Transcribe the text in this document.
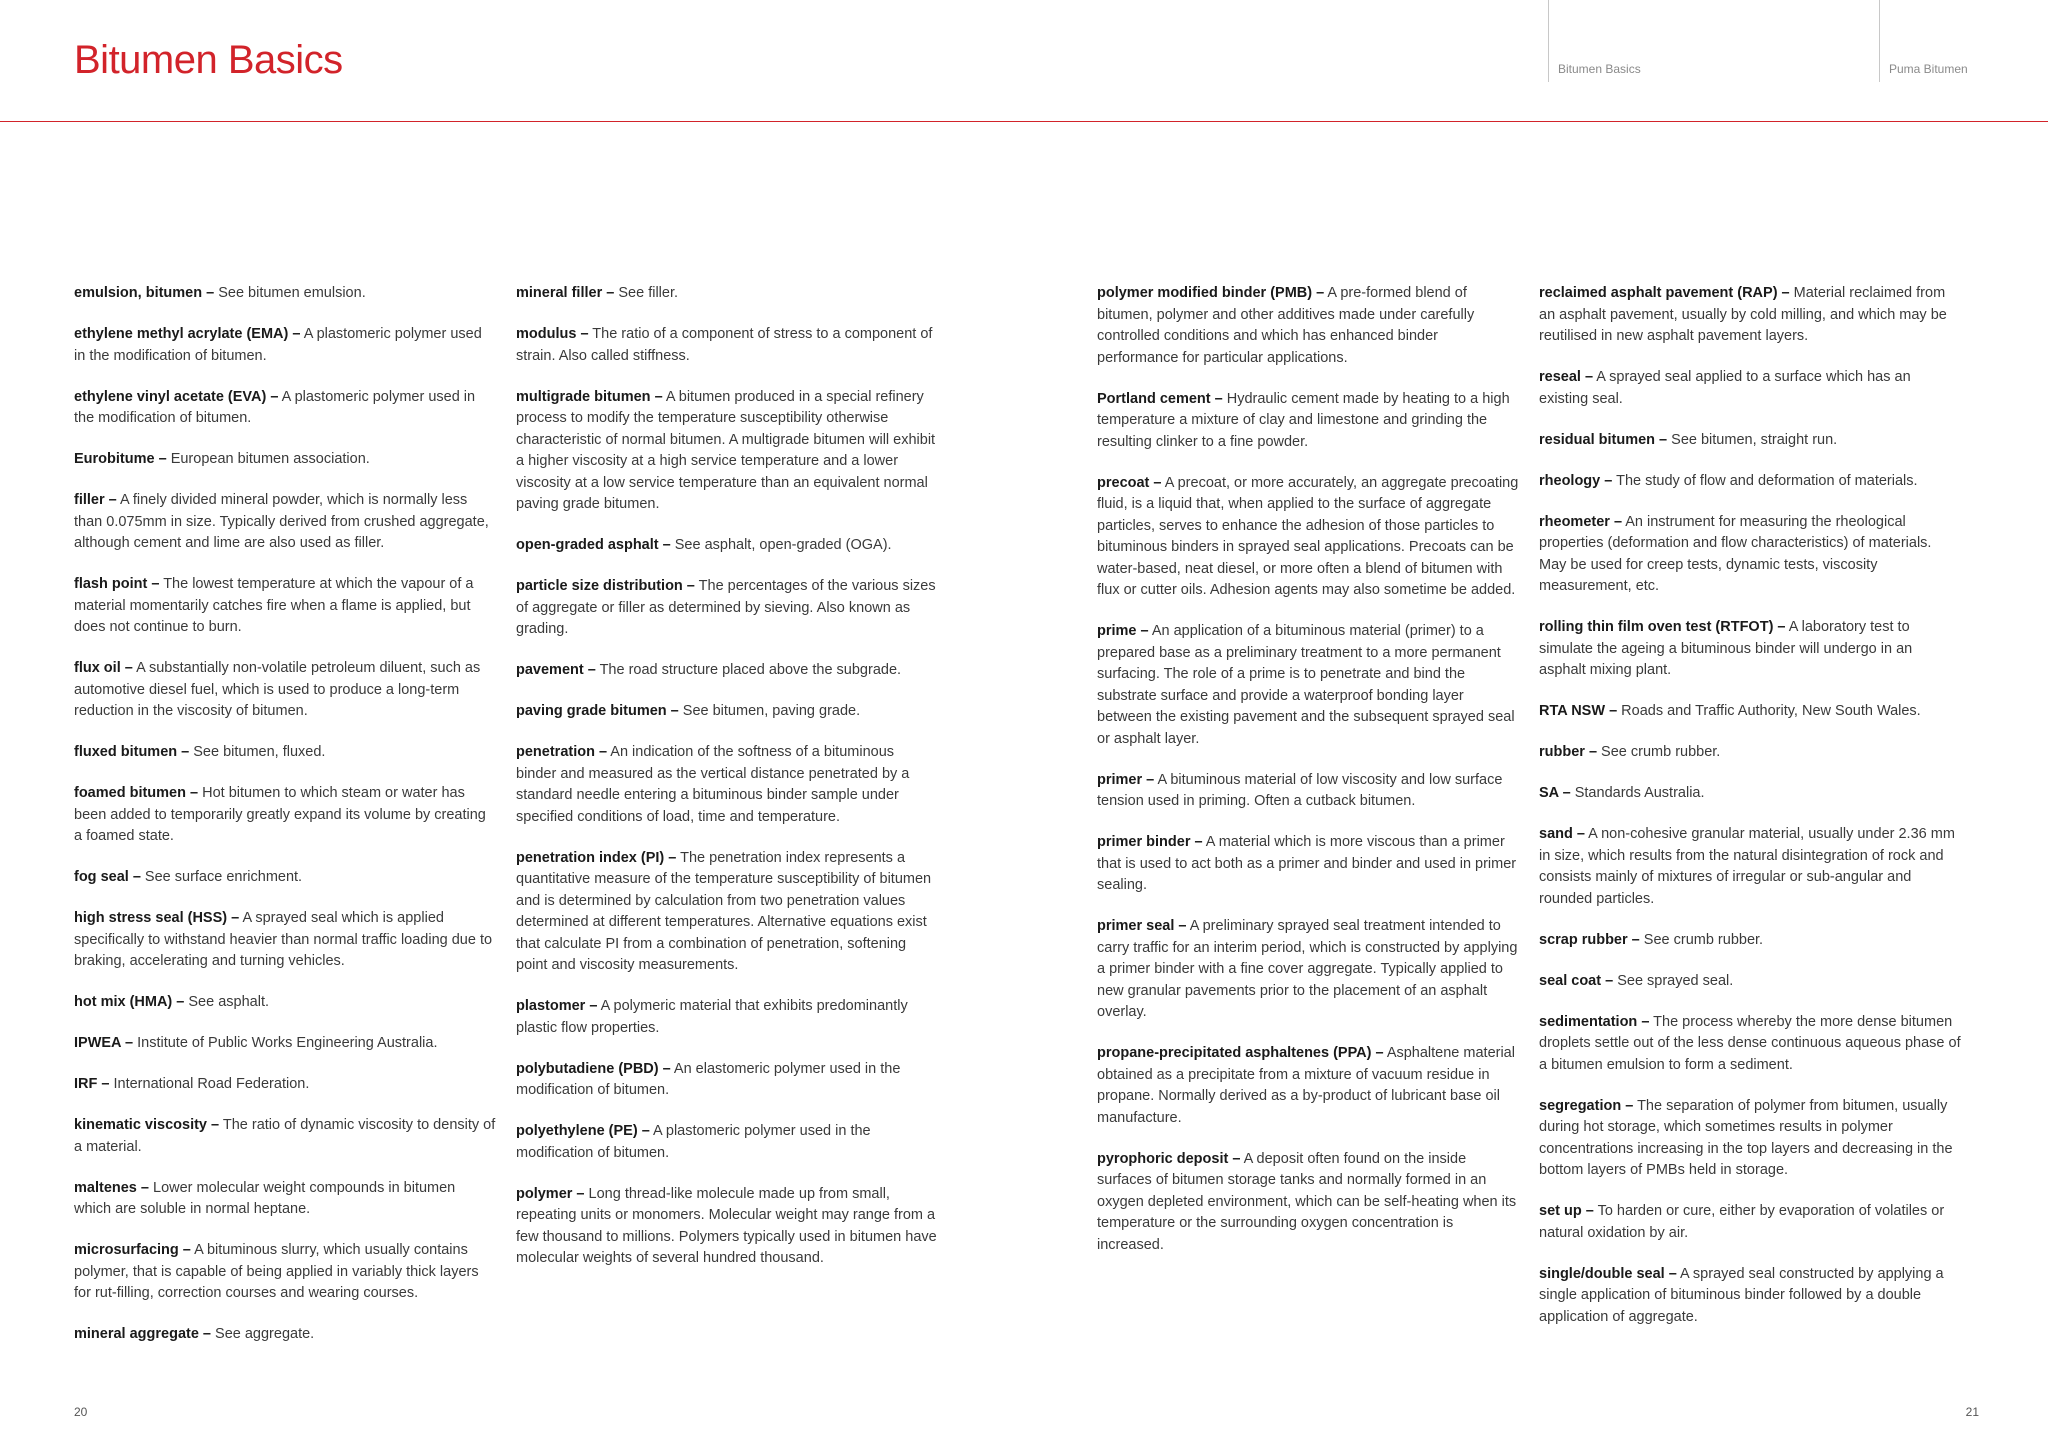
Bitumen Basics	Bitumen Basics	Puma Bitumen
emulsion, bitumen – See bitumen emulsion.
ethylene methyl acrylate (EMA) – A plastomeric polymer used in the modification of bitumen.
ethylene vinyl acetate (EVA) – A plastomeric polymer used in the modification of bitumen.
Eurobitume – European bitumen association.
filler – A finely divided mineral powder, which is normally less than 0.075mm in size. Typically derived from crushed aggregate, although cement and lime are also used as filler.
flash point – The lowest temperature at which the vapour of a material momentarily catches fire when a flame is applied, but does not continue to burn.
flux oil – A substantially non-volatile petroleum diluent, such as automotive diesel fuel, which is used to produce a long-term reduction in the viscosity of bitumen.
fluxed bitumen – See bitumen, fluxed.
foamed bitumen – Hot bitumen to which steam or water has been added to temporarily greatly expand its volume by creating a foamed state.
fog seal – See surface enrichment.
high stress seal (HSS) – A sprayed seal which is applied specifically to withstand heavier than normal traffic loading due to braking, accelerating and turning vehicles.
hot mix (HMA) – See asphalt.
IPWEA – Institute of Public Works Engineering Australia.
IRF – International Road Federation.
kinematic viscosity – The ratio of dynamic viscosity to density of a material.
maltenes – Lower molecular weight compounds in bitumen which are soluble in normal heptane.
microsurfacing – A bituminous slurry, which usually contains polymer, that is capable of being applied in variably thick layers for rut-filling, correction courses and wearing courses.
mineral aggregate – See aggregate.
mineral filler – See filler.
modulus – The ratio of a component of stress to a component of strain. Also called stiffness.
multigrade bitumen – A bitumen produced in a special refinery process to modify the temperature susceptibility otherwise characteristic of normal bitumen. A multigrade bitumen will exhibit a higher viscosity at a high service temperature and a lower viscosity at a low service temperature than an equivalent normal paving grade bitumen.
open-graded asphalt – See asphalt, open-graded (OGA).
particle size distribution – The percentages of the various sizes of aggregate or filler as determined by sieving. Also known as grading.
pavement – The road structure placed above the subgrade.
paving grade bitumen – See bitumen, paving grade.
penetration – An indication of the softness of a bituminous binder and measured as the vertical distance penetrated by a standard needle entering a bituminous binder sample under specified conditions of load, time and temperature.
penetration index (PI) – The penetration index represents a quantitative measure of the temperature susceptibility of bitumen and is determined by calculation from two penetration values determined at different temperatures. Alternative equations exist that calculate PI from a combination of penetration, softening point and viscosity measurements.
plastomer – A polymeric material that exhibits predominantly plastic flow properties.
polybutadiene (PBD) – An elastomeric polymer used in the modification of bitumen.
polyethylene (PE) – A plastomeric polymer used in the modification of bitumen.
polymer – Long thread-like molecule made up from small, repeating units or monomers. Molecular weight may range from a few thousand to millions. Polymers typically used in bitumen have molecular weights of several hundred thousand.
polymer modified binder (PMB) – A pre-formed blend of bitumen, polymer and other additives made under carefully controlled conditions and which has enhanced binder performance for particular applications.
Portland cement – Hydraulic cement made by heating to a high temperature a mixture of clay and limestone and grinding the resulting clinker to a fine powder.
precoat – A precoat, or more accurately, an aggregate precoating fluid, is a liquid that, when applied to the surface of aggregate particles, serves to enhance the adhesion of those particles to bituminous binders in sprayed seal applications. Precoats can be water-based, neat diesel, or more often a blend of bitumen with flux or cutter oils. Adhesion agents may also sometime be added.
prime – An application of a bituminous material (primer) to a prepared base as a preliminary treatment to a more permanent surfacing. The role of a prime is to penetrate and bind the substrate surface and provide a waterproof bonding layer between the existing pavement and the subsequent sprayed seal or asphalt layer.
primer – A bituminous material of low viscosity and low surface tension used in priming. Often a cutback bitumen.
primer binder – A material which is more viscous than a primer that is used to act both as a primer and binder and used in primer sealing.
primer seal – A preliminary sprayed seal treatment intended to carry traffic for an interim period, which is constructed by applying a primer binder with a fine cover aggregate. Typically applied to new granular pavements prior to the placement of an asphalt overlay.
propane-precipitated asphaltenes (PPA) – Asphaltene material obtained as a precipitate from a mixture of vacuum residue in propane. Normally derived as a by-product of lubricant base oil manufacture.
pyrophoric deposit – A deposit often found on the inside surfaces of bitumen storage tanks and normally formed in an oxygen depleted environment, which can be self-heating when its temperature or the surrounding oxygen concentration is increased.
reclaimed asphalt pavement (RAP) – Material reclaimed from an asphalt pavement, usually by cold milling, and which may be reutilised in new asphalt pavement layers.
reseal – A sprayed seal applied to a surface which has an existing seal.
residual bitumen – See bitumen, straight run.
rheology – The study of flow and deformation of materials.
rheometer – An instrument for measuring the rheological properties (deformation and flow characteristics) of materials. May be used for creep tests, dynamic tests, viscosity measurement, etc.
rolling thin film oven test (RTFOT) – A laboratory test to simulate the ageing a bituminous binder will undergo in an asphalt mixing plant.
RTA NSW – Roads and Traffic Authority, New South Wales.
rubber – See crumb rubber.
SA – Standards Australia.
sand – A non-cohesive granular material, usually under 2.36 mm in size, which results from the natural disintegration of rock and consists mainly of mixtures of irregular or sub-angular and rounded particles.
scrap rubber – See crumb rubber.
seal coat – See sprayed seal.
sedimentation – The process whereby the more dense bitumen droplets settle out of the less dense continuous aqueous phase of a bitumen emulsion to form a sediment.
segregation – The separation of polymer from bitumen, usually during hot storage, which sometimes results in polymer concentrations increasing in the top layers and decreasing in the bottom layers of PMBs held in storage.
set up – To harden or cure, either by evaporation of volatiles or natural oxidation by air.
single/double seal – A sprayed seal constructed by applying a single application of bituminous binder followed by a double application of aggregate.
20	21
